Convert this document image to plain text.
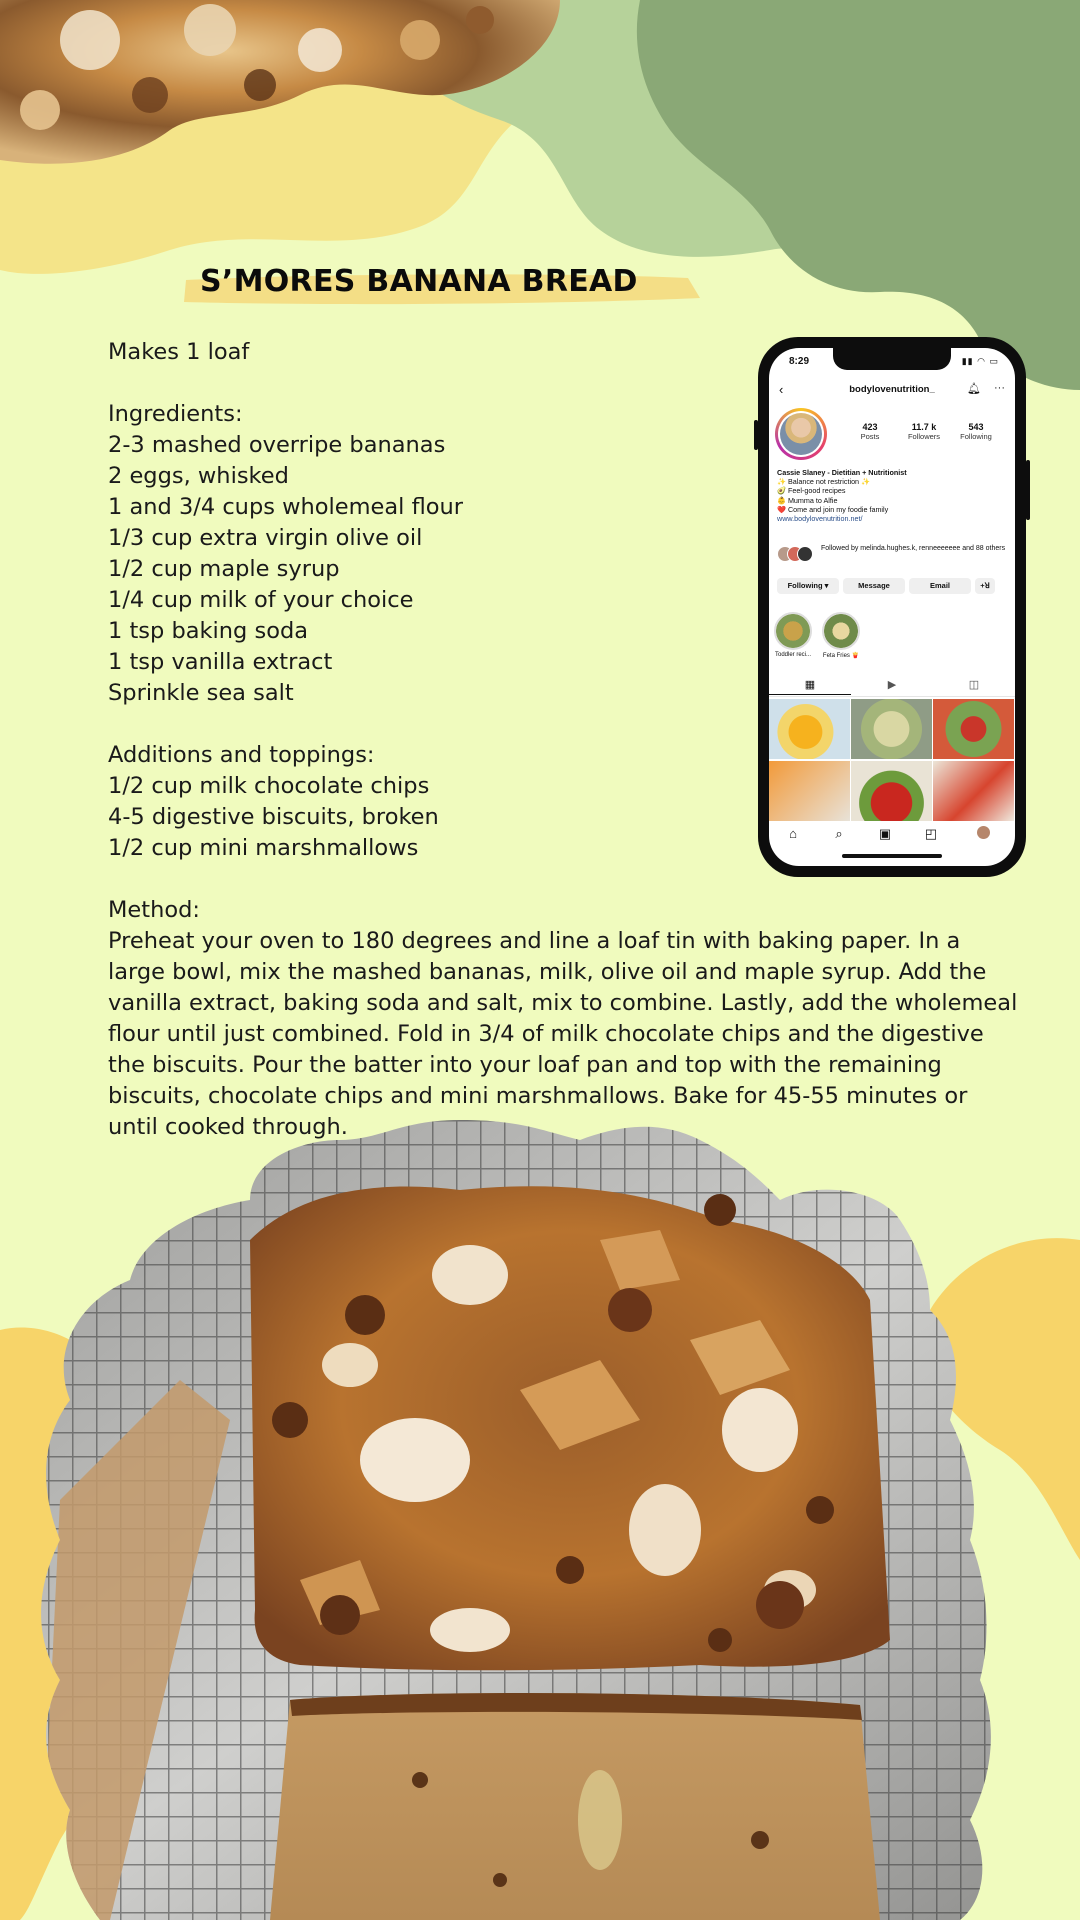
S’MORES BANANA BREAD

Makes 1 loaf

Ingredients:

2-3 mashed overripe bananas

2 eggs, whisked

1 and 3/4 cups wholemeal flour

1/3 cup extra virgin olive oil

1/2 cup maple syrup

1/4 cup milk of your choice

1 tsp baking soda

1 tsp vanilla extract

Sprinkle sea salt

Additions and toppings:

1/2 cup milk chocolate chips

4-5 digestive biscuits, broken

1/2 cup mini marshmallows

Method:

Preheat your oven to 180 degrees and line a loaf tin with baking paper. In a large bowl, mix the mashed bananas, milk, olive oil and maple syrup. Add the vanilla extract, baking soda and salt, mix to combine. Lastly, add the wholemeal flour until just combined. Fold in 3/4 of milk chocolate chips and the digestive the biscuits. Pour the batter into your loaf pan and top with the remaining biscuits, chocolate chips and mini marshmallows. Bake for 45-55 minutes or until cooked through.

8:29	▮▮ ◠ ▭
‹	bodylovenutrition_	🔔︎ ···
423
Posts
11.7 k
Followers
543
Following
Cassie Slaney - Dietitian + Nutritionist
✨ Balance not restriction ✨
🥑 Feel-good recipes
👶 Mumma to Alfie
❤️ Come and join my foodie family
www.bodylovenutrition.net/
Followed by melinda.hughes.k, renneeeeeee and 88 others
Following ▾	Message	Email	+ꓤ
Toddler reci...	Feta Fries 🍟
▦	▶︎	◫
⌂	⌕	▣	◰
